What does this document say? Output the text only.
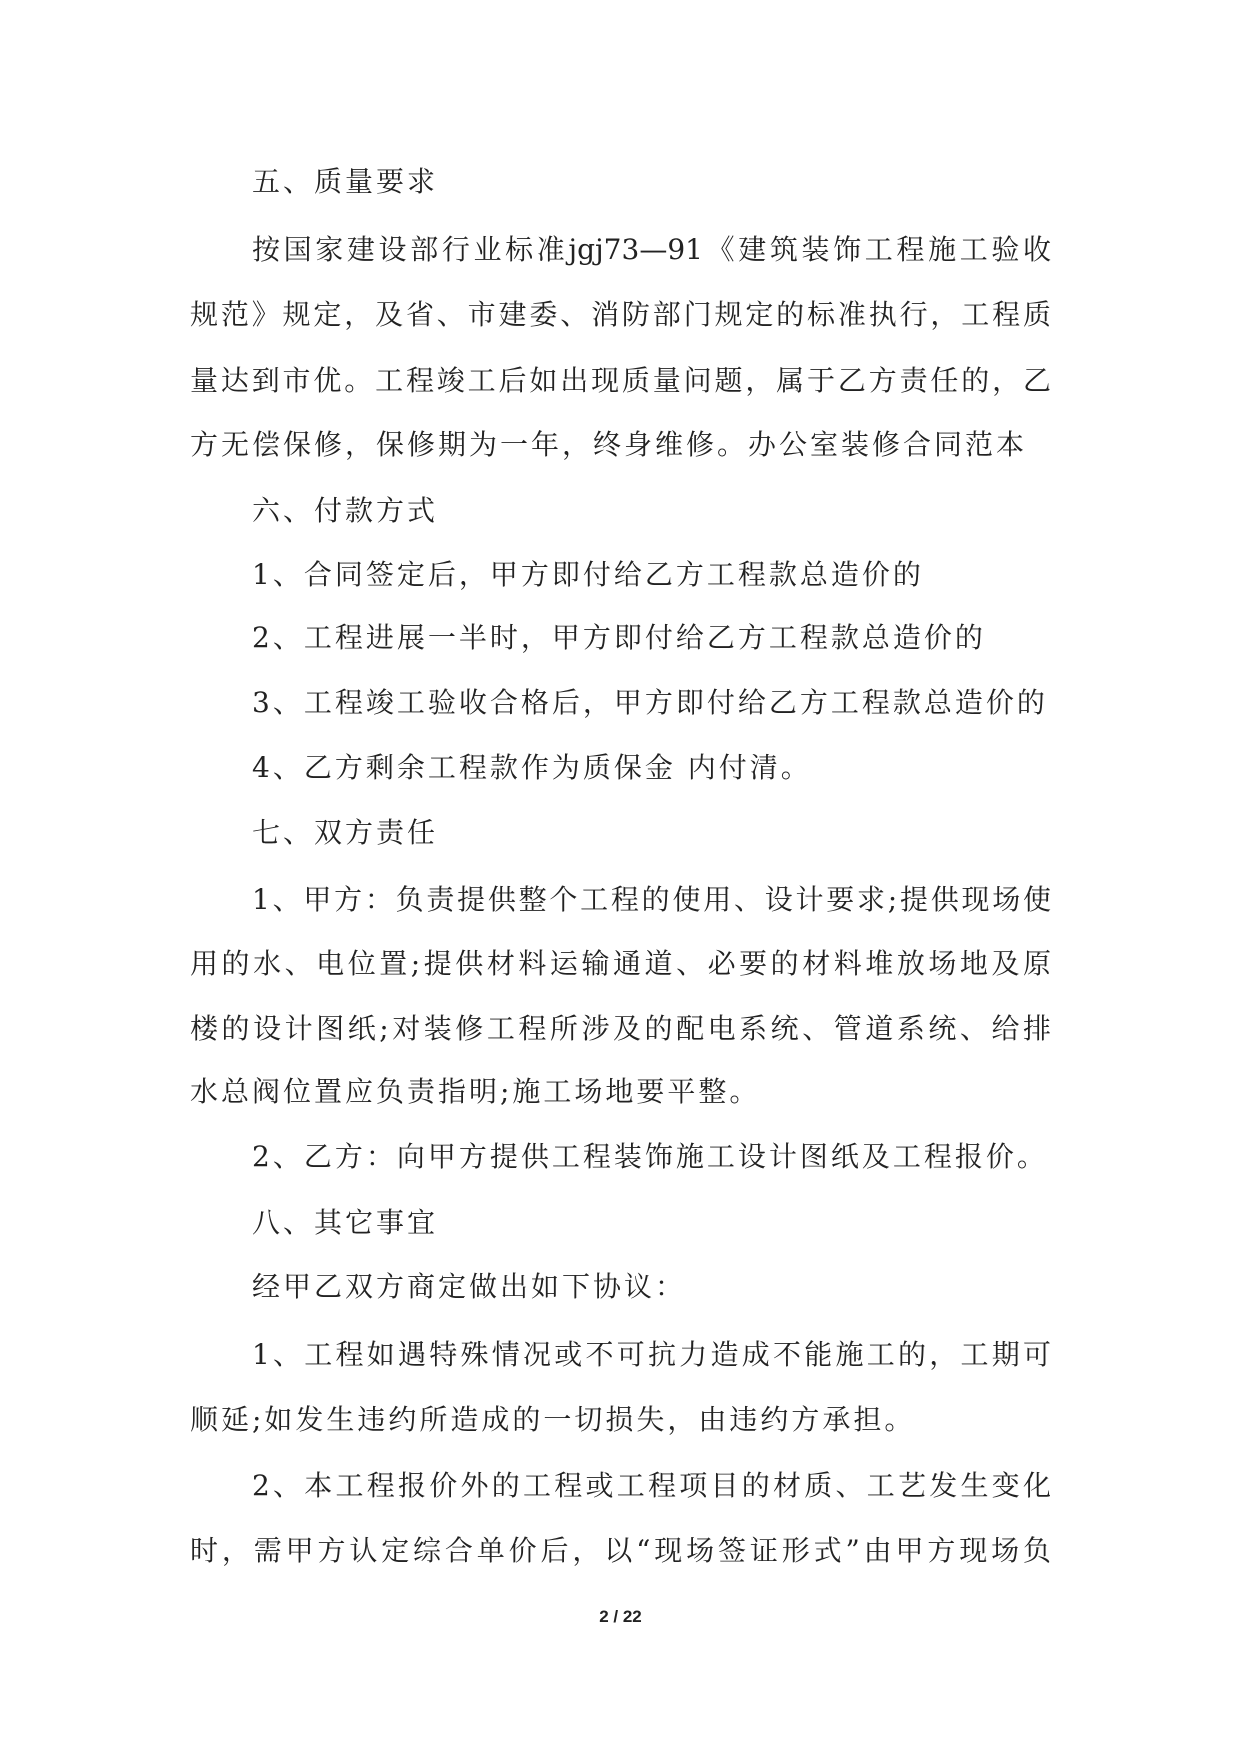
五、质量要求
按国家建设部行业标准jgj73—91《建筑装饰工程施工验收
规范》规定，及省、市建委、消防部门规定的标准执行，工程质
量达到市优。工程竣工后如出现质量问题，属于乙方责任的，乙
方无偿保修，保修期为一年，终身维修。办公室装修合同范本
六、付款方式
1、合同签定后，甲方即付给乙方工程款总造价的
2、工程进展一半时，甲方即付给乙方工程款总造价的
3、工程竣工验收合格后，甲方即付给乙方工程款总造价的
4、乙方剩余工程款作为质保金 内付清。
七、双方责任
1、甲方：负责提供整个工程的使用、设计要求;提供现场使
用的水、电位置;提供材料运输通道、必要的材料堆放场地及原
楼的设计图纸;对装修工程所涉及的配电系统、管道系统、给排
水总阀位置应负责指明;施工场地要平整。
2、乙方：向甲方提供工程装饰施工设计图纸及工程报价。
八、其它事宜
经甲乙双方商定做出如下协议：
1、工程如遇特殊情况或不可抗力造成不能施工的，工期可
顺延;如发生违约所造成的一切损失，由违约方承担。
2、本工程报价外的工程或工程项目的材质、工艺发生变化
时，需甲方认定综合单价后，以“现场签证形式”由甲方现场负
2 / 22
